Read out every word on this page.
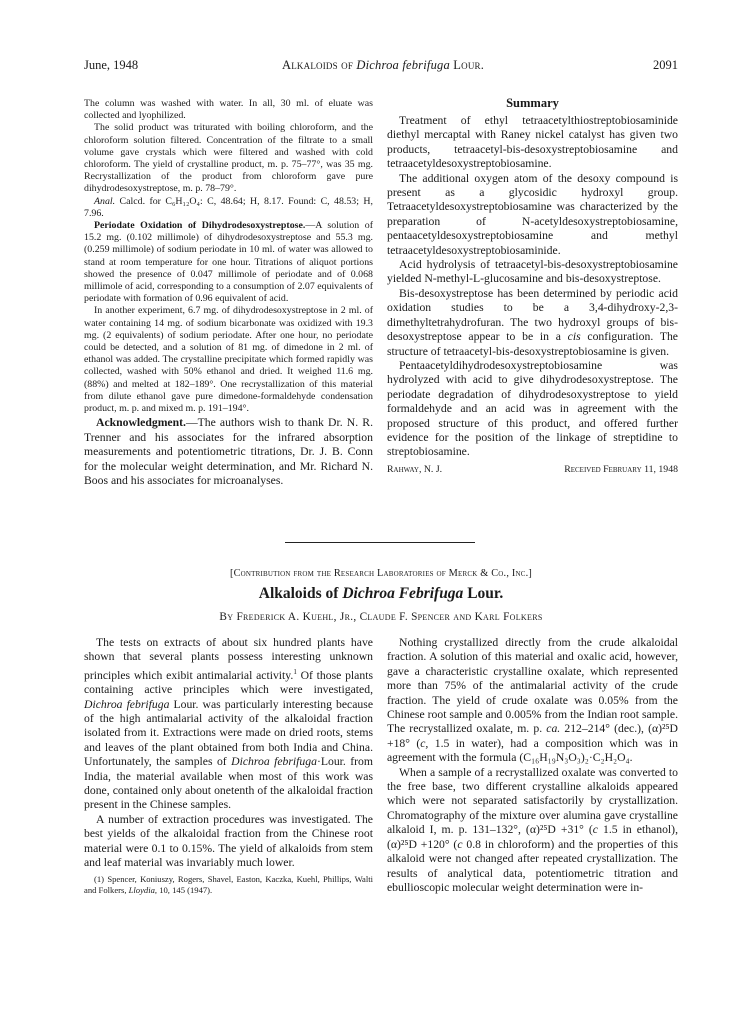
June, 1948	Alkaloids of Dichroa febrifuga Lour.	2091

The column was washed with water. In all, 30 ml. of eluate was collected and lyophilized.

The solid product was triturated with boiling chloroform, and the chloroform solution filtered. Concentration of the filtrate to a small volume gave crystals which were filtered and washed with cold chloroform. The yield of crystalline product, m. p. 75–77°, was 35 mg. Recrystallization of the product from chloroform gave pure dihydrodesoxystreptose, m. p. 78–79°.

Anal. Calcd. for C₆H₁₂O₄: C, 48.64; H, 8.17. Found: C, 48.53; H, 7.96.

Periodate Oxidation of Dihydrodesoxystreptose.—A solution of 15.2 mg. (0.102 millimole) of dihydrodesoxystreptose and 55.3 mg. (0.259 millimole) of sodium periodate in 10 ml. of water was allowed to stand at room temperature for one hour. Titrations of aliquot portions showed the presence of 0.047 millimole of periodate and of 0.068 millimole of acid, corresponding to a consumption of 2.07 equivalents of periodate with formation of 0.96 equivalent of acid.

In another experiment, 6.7 mg. of dihydrodesoxystreptose in 2 ml. of water containing 14 mg. of sodium bicarbonate was oxidized with 19.3 mg. (2 equivalents) of sodium periodate. After one hour, no periodate could be detected, and a solution of 81 mg. of dimedone in 2 ml. of ethanol was added. The crystalline precipitate which formed rapidly was collected, washed with 50% ethanol and dried. It weighed 11.6 mg. (88%) and melted at 182–189°. One recrystallization of this material from dilute ethanol gave pure dimedone-formaldehyde condensation product, m. p. and mixed m. p. 191–194°.

Acknowledgment.—The authors wish to thank Dr. N. R. Trenner and his associates for the infrared absorption measurements and potentiometric titrations, Dr. J. B. Conn for the molecular weight determination, and Mr. Richard N. Boos and his associates for microanalyses.

Summary

Treatment of ethyl tetraacetylthiostreptobiosaminide diethyl mercaptal with Raney nickel catalyst has given two products, tetraacetyl-bis-desoxystreptobiosamine and tetraacetyldesoxystreptobiosamine.

The additional oxygen atom of the desoxy compound is present as a glycosidic hydroxyl group. Tetraacetyldesoxystreptobiosamine was characterized by the preparation of N-acetyldesoxystreptobiosamine, pentaacetyldesoxystreptobiosamine and methyl tetraacetyldesoxystreptobiosaminide.

Acid hydrolysis of tetraacetyl-bis-desoxystreptobiosamine yielded N-methyl-L-glucosamine and bis-desoxystreptose.

Bis-desoxystreptose has been determined by periodic acid oxidation studies to be a 3,4-dihydroxy-2,3-dimethyltetrahydrofuran. The two hydroxyl groups of bis-desoxystreptose appear to be in a cis configuration. The structure of tetraacetyl-bis-desoxystreptobiosamine is given.

Pentaacetyldihydrodesoxystreptobiosamine was hydrolyzed with acid to give dihydrodesoxystreptose. The periodate degradation of dihydrodesoxystreptose to yield formaldehyde and an acid was in agreement with the proposed structure of this product, and offered further evidence for the position of the linkage of streptidine to streptobiosamine.

Rahway, N. J.	Received February 11, 1948
[Contribution from the Research Laboratories of Merck & Co., Inc.]
Alkaloids of Dichroa Febrifuga Lour.
By Frederick A. Kuehl, Jr., Claude F. Spencer and Karl Folkers

The tests on extracts of about six hundred plants have shown that several plants possess interesting unknown principles which exibit antimalarial activity.$^1$ Of those plants containing active principles which were investigated, Dichroa febrifuga Lour. was particularly interesting because of the high antimalarial activity of the alkaloidal fraction isolated from it. Extractions were made on dried roots, stems and leaves of the plant obtained from both India and China. Unfortunately, the samples of Dichroa febrifuga·Lour. from India, the material available when most of this work was done, contained only about onetenth of the alkaloidal fraction present in the Chinese samples.

A number of extraction procedures was investigated. The best yields of the alkaloidal fraction from the Chinese root material were 0.1 to 0.15%. The yield of alkaloids from stem and leaf material was invariably much lower.

(1) Spencer, Koniuszy, Rogers, Shavel, Easton, Kaczka, Kuehl, Phillips, Walti and Folkers, Lloydia, 10, 145 (1947).

Nothing crystallized directly from the crude alkaloidal fraction. A solution of this material and oxalic acid, however, gave a characteristic crystalline oxalate, which represented more than 75% of the antimalarial activity of the crude fraction. The yield of crude oxalate was 0.05% from the Chinese root sample and 0.005% from the Indian root sample. The recrystallized oxalate, m. p. ca. 212–214° (dec.), (α)²⁵D +18° (c, 1.5 in water), had a composition which was in agreement with the formula (C₁₆H₁₉N₃O₃)₂·C₂H₂O₄.

When a sample of a recrystallized oxalate was converted to the free base, two different crystalline alkaloids appeared which were not separated satisfactorily by crystallization. Chromatography of the mixture over alumina gave crystalline alkaloid I, m. p. 131–132°, (α)²⁵D +31° (c 1.5 in ethanol), (α)²⁵D +120° (c 0.8 in chloroform) and the properties of this alkaloid were not changed after repeated crystallization. The results of analytical data, potentiometric titration and ebullioscopic molecular weight determination were in-
